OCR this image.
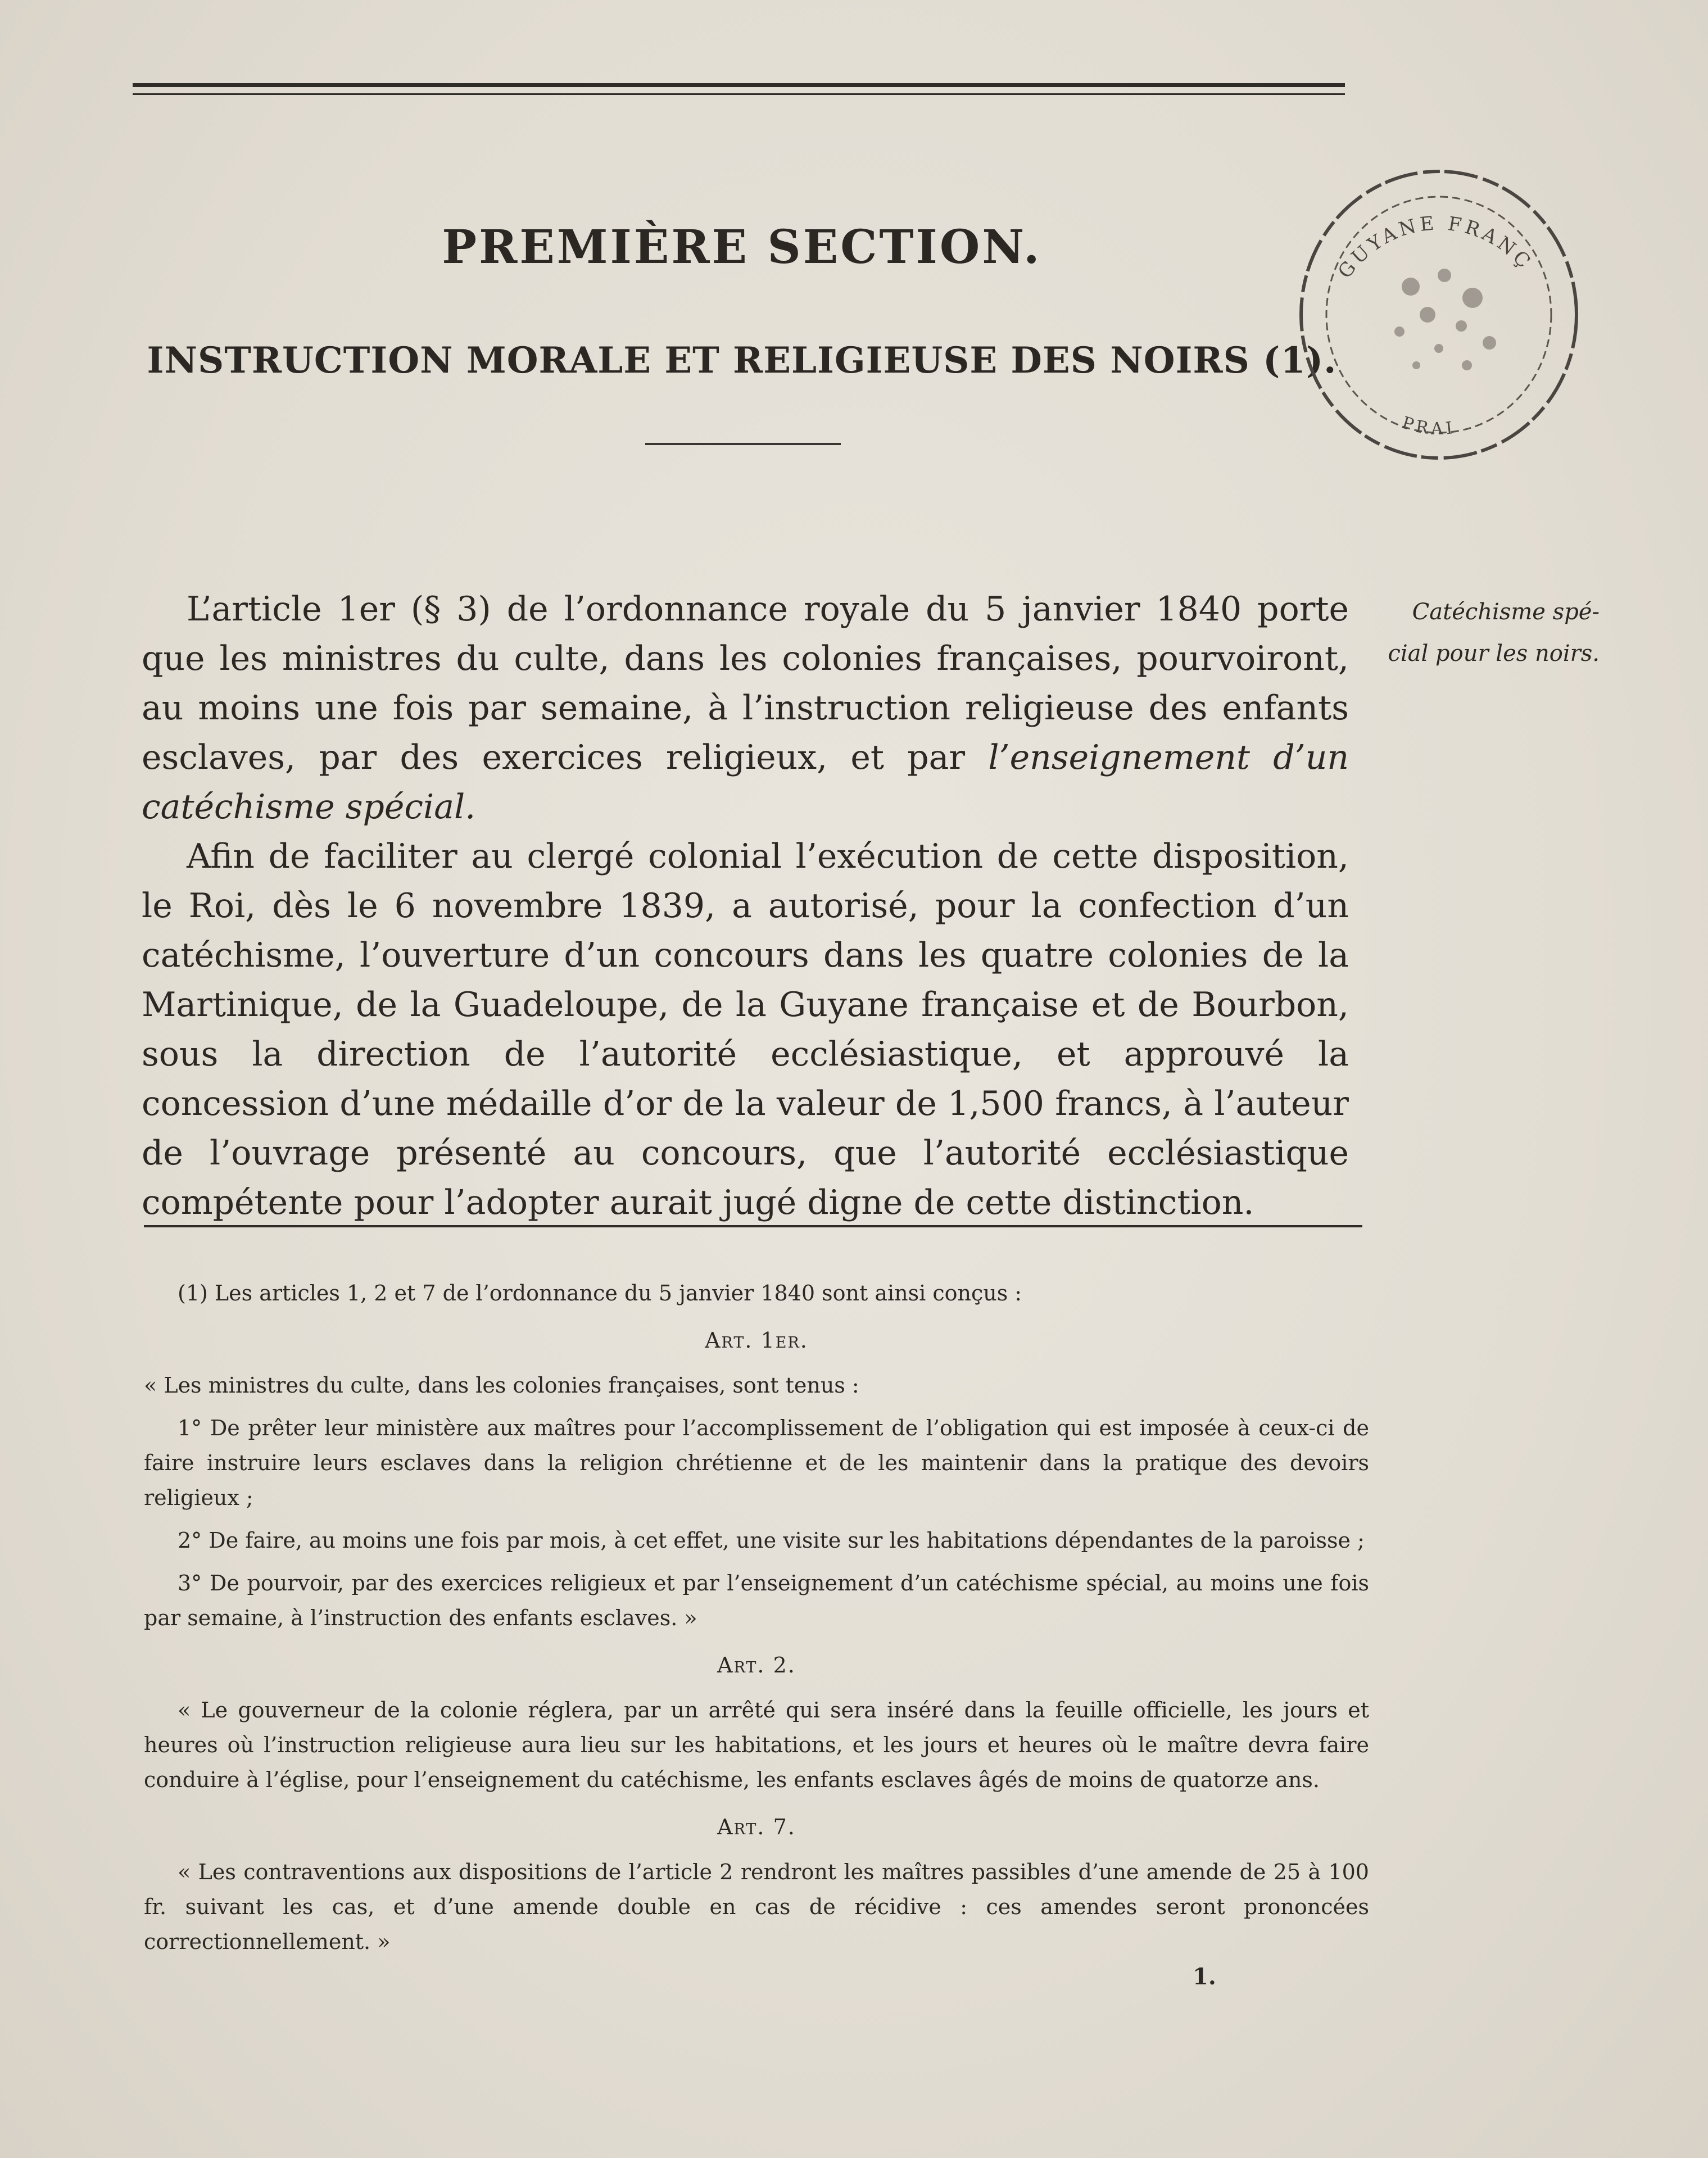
PREMIÈRE SECTION.
INSTRUCTION MORALE ET RELIGIEUSE DES NOIRS (1).
GUYANE FRANÇ
PRAI

L’article 1er (§ 3) de l’ordonnance royale du 5 janvier 1840 porte que les ministres du culte, dans les colonies françaises, pourvoiront, au moins une fois par semaine, à l’instruction religieuse des enfants esclaves, par des exercices religieux, et par l’enseignement d’un catéchisme spécial.

Afin de faciliter au clergé colonial l’exécution de cette disposition, le Roi, dès le 6 novembre 1839, a autorisé, pour la confection d’un catéchisme, l’ouverture d’un concours dans les quatre colonies de la Martinique, de la Guadeloupe, de la Guyane française et de Bourbon, sous la direction de l’autorité ecclésiastique, et approuvé la concession d’une médaille d’or de la valeur de 1,500 francs, à l’auteur de l’ouvrage présenté au concours, que l’autorité ecclésiastique compétente pour l’adopter aurait jugé digne de cette distinction.

Catéchisme spé-
cial pour les noirs.

(1) Les articles 1, 2 et 7 de l’ordonnance du 5 janvier 1840 sont ainsi conçus :

Art. 1er.

« Les ministres du culte, dans les colonies françaises, sont tenus :

1° De prêter leur ministère aux maîtres pour l’accomplissement de l’obligation qui est imposée à ceux-ci de faire instruire leurs esclaves dans la religion chrétienne et de les maintenir dans la pratique des devoirs religieux ;

2° De faire, au moins une fois par mois, à cet effet, une visite sur les habitations dépendantes de la paroisse ;

3° De pourvoir, par des exercices religieux et par l’enseignement d’un catéchisme spécial, au moins une fois par semaine, à l’instruction des enfants esclaves. »

Art. 2.

« Le gouverneur de la colonie réglera, par un arrêté qui sera inséré dans la feuille officielle, les jours et heures où l’instruction religieuse aura lieu sur les habitations, et les jours et heures où le maître devra faire conduire à l’église, pour l’enseignement du catéchisme, les enfants esclaves âgés de moins de quatorze ans.

Art. 7.

« Les contraventions aux dispositions de l’article 2 rendront les maîtres passibles d’une amende de 25 à 100 fr. suivant les cas, et d’une amende double en cas de récidive : ces amendes seront prononcées correctionnellement. »

1.
